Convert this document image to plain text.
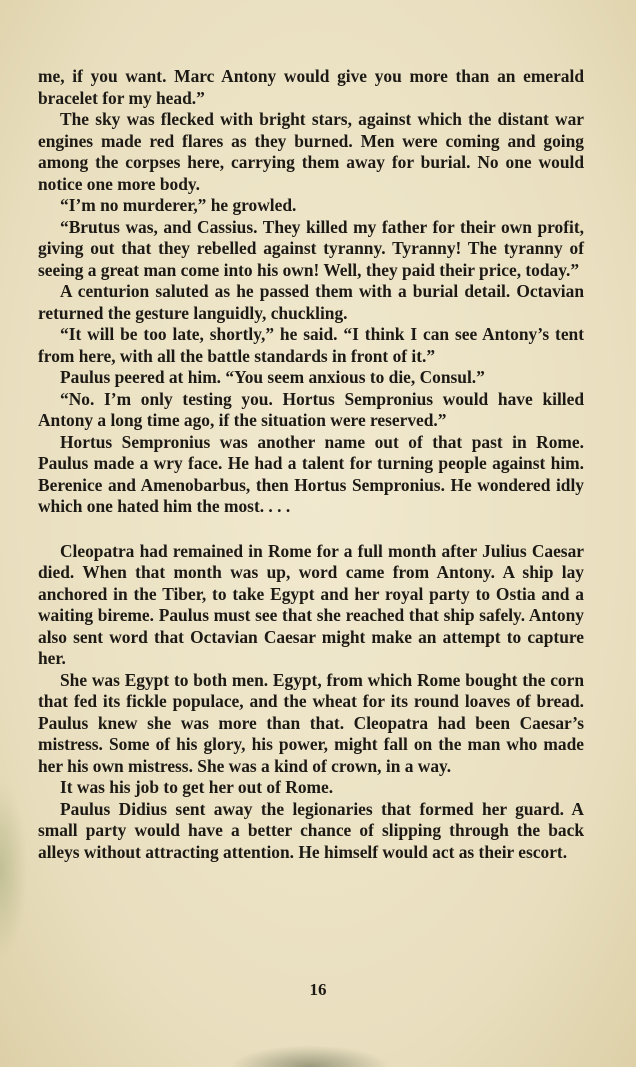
me, if you want. Marc Antony would give you more than an emerald bracelet for my head.”

The sky was flecked with bright stars, against which the distant war engines made red flares as they burned. Men were coming and going among the corpses here, carrying them away for burial. No one would notice one more body.

“I’m no murderer,” he growled.

“Brutus was, and Cassius. They killed my father for their own profit, giving out that they rebelled against tyranny. Tyranny! The tyranny of seeing a great man come into his own! Well, they paid their price, today.”

A centurion saluted as he passed them with a burial detail. Octavian returned the gesture languidly, chuckling.

“It will be too late, shortly,” he said. “I think I can see Antony’s tent from here, with all the battle standards in front of it.”

Paulus peered at him. “You seem anxious to die, Consul.”

“No. I’m only testing you. Hortus Sempronius would have killed Antony a long time ago, if the situation were reserved.”

Hortus Sempronius was another name out of that past in Rome. Paulus made a wry face. He had a talent for turning people against him. Berenice and Amenobarbus, then Hortus Sempronius. He wondered idly which one hated him the most. . . .

Cleopatra had remained in Rome for a full month after Julius Caesar died. When that month was up, word came from Antony. A ship lay anchored in the Tiber, to take Egypt and her royal party to Ostia and a waiting bireme. Paulus must see that she reached that ship safely. Antony also sent word that Octavian Caesar might make an attempt to capture her.

She was Egypt to both men. Egypt, from which Rome bought the corn that fed its fickle populace, and the wheat for its round loaves of bread. Paulus knew she was more than that. Cleopatra had been Caesar’s mistress. Some of his glory, his power, might fall on the man who made her his own mistress. She was a kind of crown, in a way.

It was his job to get her out of Rome.

Paulus Didius sent away the legionaries that formed her guard. A small party would have a better chance of slipping through the back alleys without attracting attention. He himself would act as their escort.

16
